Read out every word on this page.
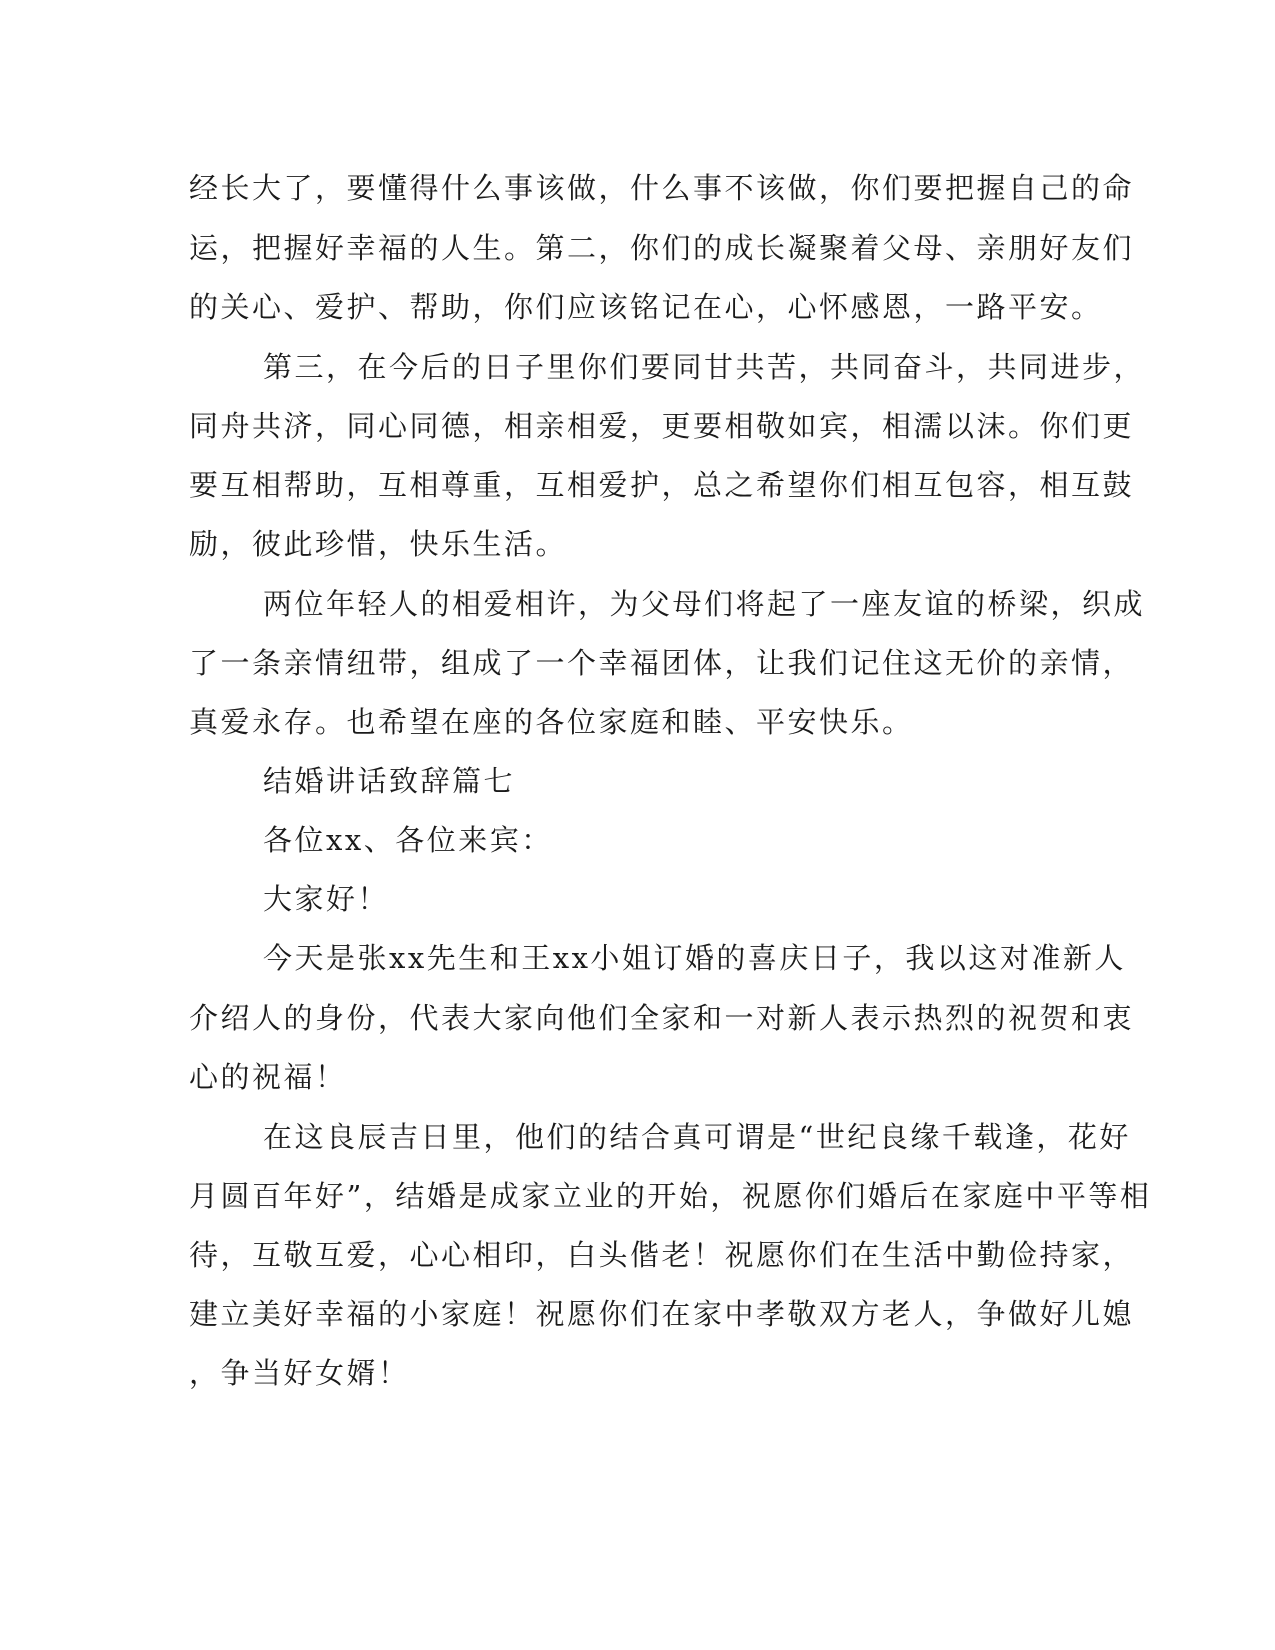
经长大了，要懂得什么事该做，什么事不该做，你们要把握自己的命
运，把握好幸福的人生。第二，你们的成长凝聚着父母、亲朋好友们
的关心、爱护、帮助，你们应该铭记在心，心怀感恩，一路平安。
第三，在今后的日子里你们要同甘共苦，共同奋斗，共同进步，
同舟共济，同心同德，相亲相爱，更要相敬如宾，相濡以沫。你们更
要互相帮助，互相尊重，互相爱护，总之希望你们相互包容，相互鼓
励，彼此珍惜，快乐生活。
两位年轻人的相爱相许，为父母们将起了一座友谊的桥梁，织成
了一条亲情纽带，组成了一个幸福团体，让我们记住这无价的亲情，
真爱永存。也希望在座的各位家庭和睦、平安快乐。
结婚讲话致辞篇七
各位xx、各位来宾：
大家好！
今天是张xx先生和王xx小姐订婚的喜庆日子，我以这对准新人
介绍人的身份，代表大家向他们全家和一对新人表示热烈的祝贺和衷
心的祝福！
在这良辰吉日里，他们的结合真可谓是“世纪良缘千载逢，花好
月圆百年好”，结婚是成家立业的开始，祝愿你们婚后在家庭中平等相
待，互敬互爱，心心相印，白头偕老！祝愿你们在生活中勤俭持家，
建立美好幸福的小家庭！祝愿你们在家中孝敬双方老人，争做好儿媳
，争当好女婿！
